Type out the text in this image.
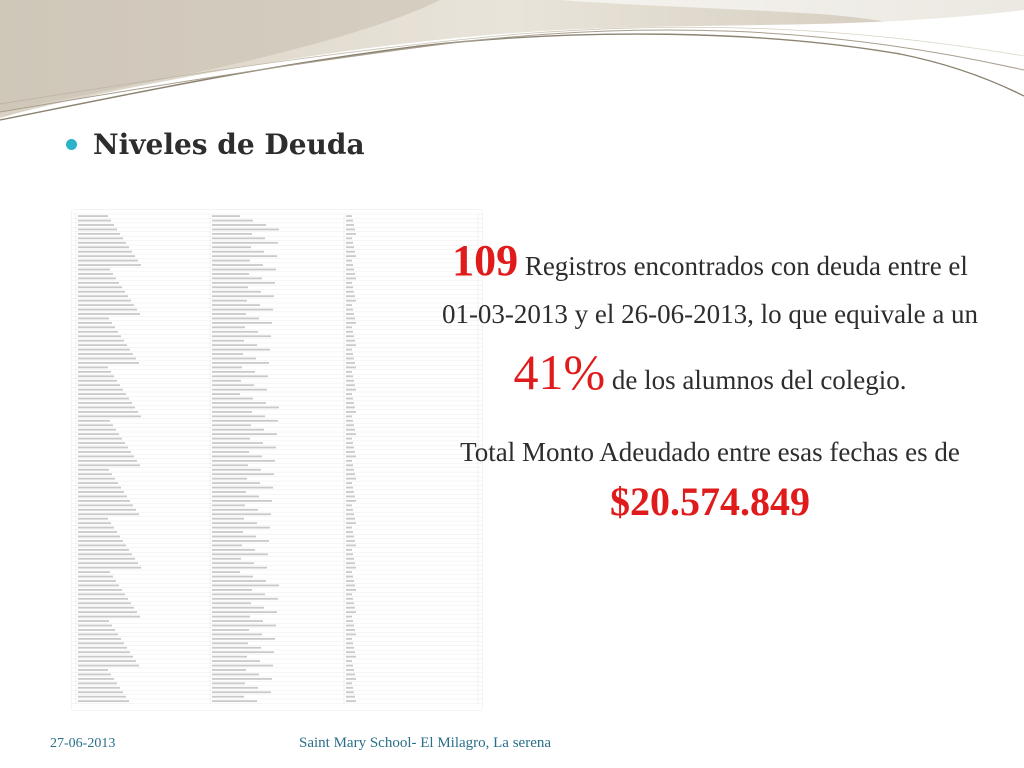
Niveles de Deuda

109 Registros encontrados con deuda entre el 01-03-2013 y el 26-06-2013, lo que equivale a un 41% de los alumnos del colegio.

Total Monto Adeudado entre esas fechas es de $20.574.849

27-06-2013	Saint Mary School- El Milagro, La serena
